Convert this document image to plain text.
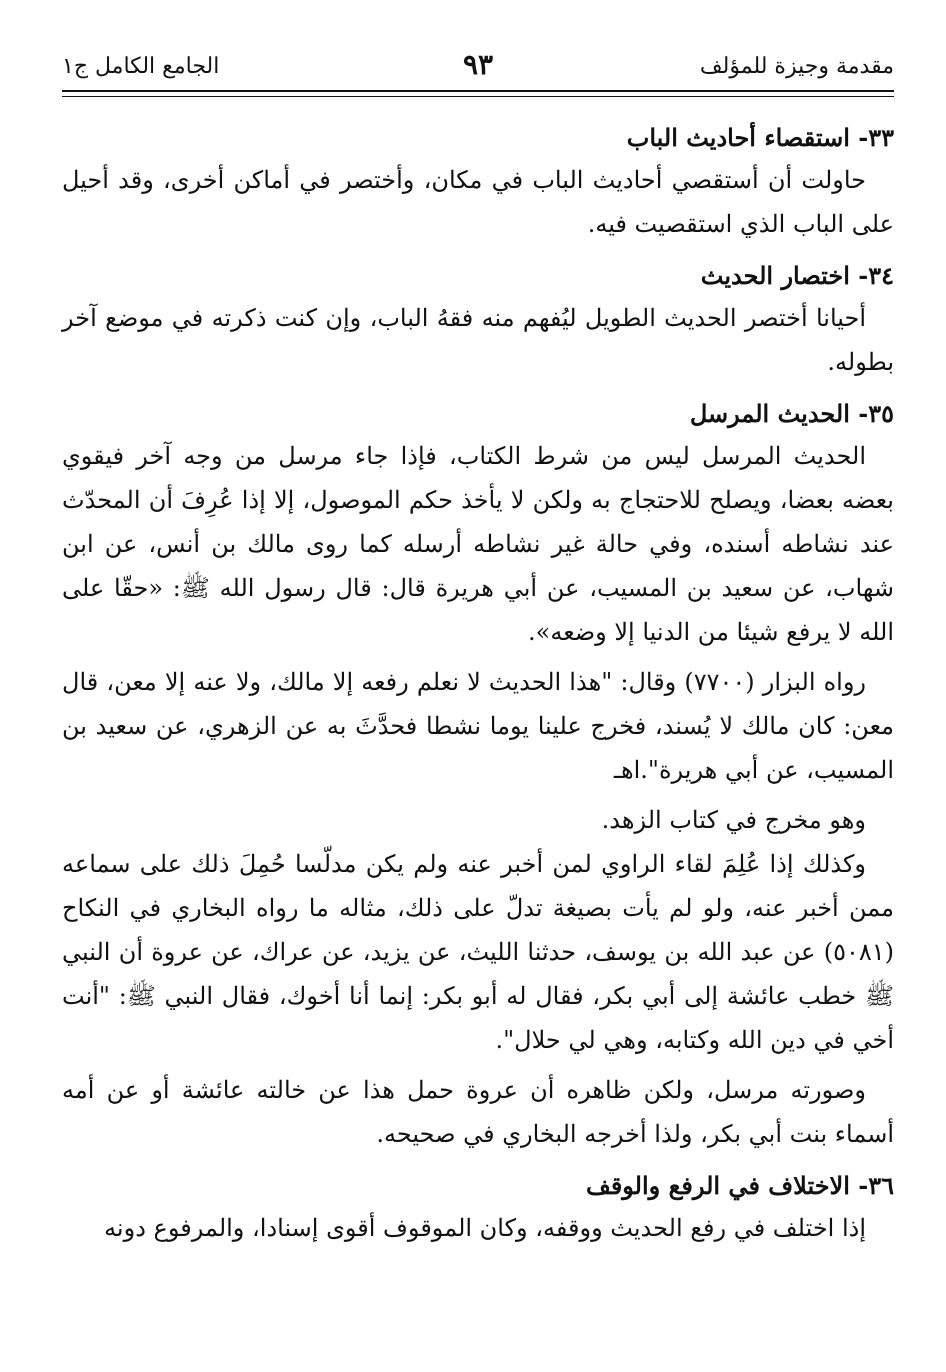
مقدمة وجيزة للمؤلف
٩٣
الجامع الكامل ج١
٣٣- استقصاء أحاديث الباب

حاولت أن أستقصي أحاديث الباب في مكان، وأختصر في أماكن أخرى، وقد أحيل على الباب الذي استقصيت فيه.

٣٤- اختصار الحديث

أحيانا أختصر الحديث الطويل ليُفهم منه فقهُ الباب، وإن كنت ذكرته في موضع آخر بطوله.

٣٥- الحديث المرسل

الحديث المرسل ليس من شرط الكتاب، فإذا جاء مرسل من وجه آخر فيقوي بعضه بعضا، ويصلح للاحتجاج به ولكن لا يأخذ حكم الموصول، إلا إذا عُرِفَ أن المحدّث عند نشاطه أسنده، وفي حالة غير نشاطه أرسله كما روى مالك بن أنس، عن ابن شهاب، عن سعيد بن المسيب، عن أبي هريرة قال: قال رسول الله ﷺ: «حقّا على الله لا يرفع شيئا من الدنيا إلا وضعه».

رواه البزار (٧٧٠٠) وقال: "هذا الحديث لا نعلم رفعه إلا مالك، ولا عنه إلا معن، قال معن: كان مالك لا يُسند، فخرج علينا يوما نشطا فحدَّثَ به عن الزهري، عن سعيد بن المسيب، عن أبي هريرة".اهـ

وهو مخرج في كتاب الزهد.

وكذلك إذا عُلِمَ لقاء الراوي لمن أخبر عنه ولم يكن مدلّسا حُمِلَ ذلك على سماعه ممن أخبر عنه، ولو لم يأت بصيغة تدلّ على ذلك، مثاله ما رواه البخاري في النكاح (٥٠٨١) عن عبد الله بن يوسف، حدثنا الليث، عن يزيد، عن عراك، عن عروة أن النبي ﷺ خطب عائشة إلى أبي بكر، فقال له أبو بكر: إنما أنا أخوك، فقال النبي ﷺ: "أنت أخي في دين الله وكتابه، وهي لي حلال".

وصورته مرسل، ولكن ظاهره أن عروة حمل هذا عن خالته عائشة أو عن أمه أسماء بنت أبي بكر، ولذا أخرجه البخاري في صحيحه.

٣٦- الاختلاف في الرفع والوقف

إذا اختلف في رفع الحديث ووقفه، وكان الموقوف أقوى إسنادا، والمرفوع دونه
